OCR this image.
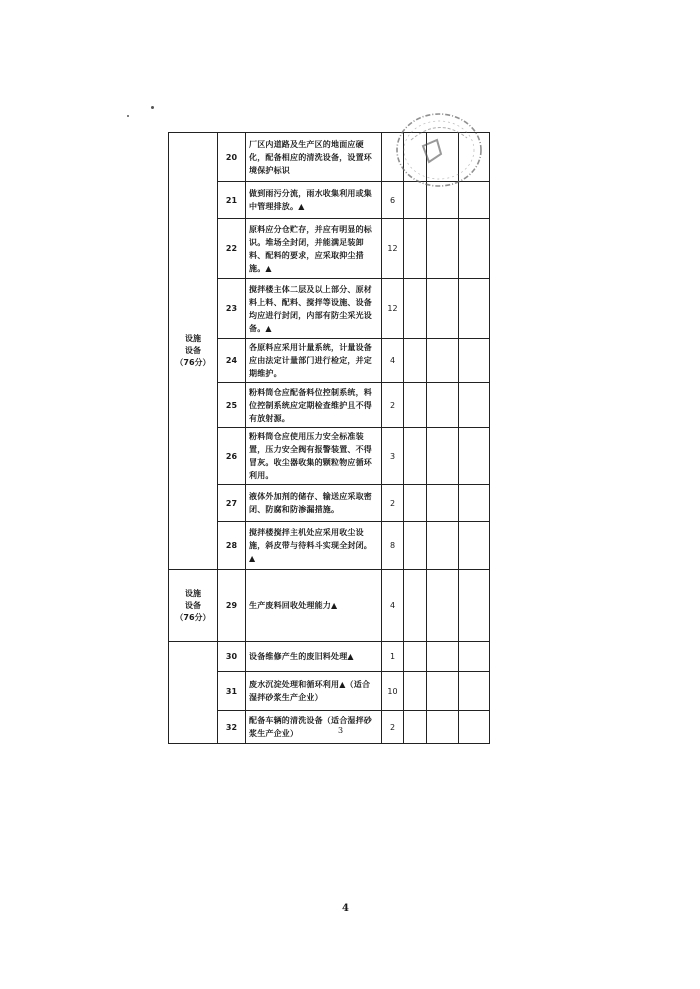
设施
设备
（76分）	20	厂区内道路及生产区的地面应硬化，配备相应的清洗设备，设置环境保护标识				
	21	做到雨污分流，雨水收集利用或集中管理排放。▲	6			
	22	原料应分仓贮存，并应有明显的标识。堆场全封闭，并能满足装卸料、配料的要求，应采取抑尘措施。▲	12			
	23	搅拌楼主体二层及以上部分、原材料上料、配料、搅拌等设施、设备均应进行封闭，内部有防尘采光设备。▲	12			
	24	各原料应采用计量系统，计量设备应由法定计量部门进行检定，并定期维护。	4			
	25	粉料筒仓应配备料位控制系统，料位控制系统应定期检查维护且不得有放射源。	2			
	26	粉料筒仓应使用压力安全标准装置，压力安全阀有报警装置、不得冒灰。收尘器收集的颗粒物应循环利用。	3			
	27	液体外加剂的储存、输送应采取密闭、防腐和防渗漏措施。	2			
	28	搅拌楼搅拌主机处应采用收尘设施，斜皮带与待料斗实现全封闭。▲	8			
设施
设备
（76分）	29	生产废料回收处理能力▲	4			
	30	设备维修产生的废旧料处理▲	1			
	31	废水沉淀处理和循环利用▲（适合湿拌砂浆生产企业）	10			
	32	配备车辆的清洗设备（适合湿拌砂浆生产企业）	2			
3
4
